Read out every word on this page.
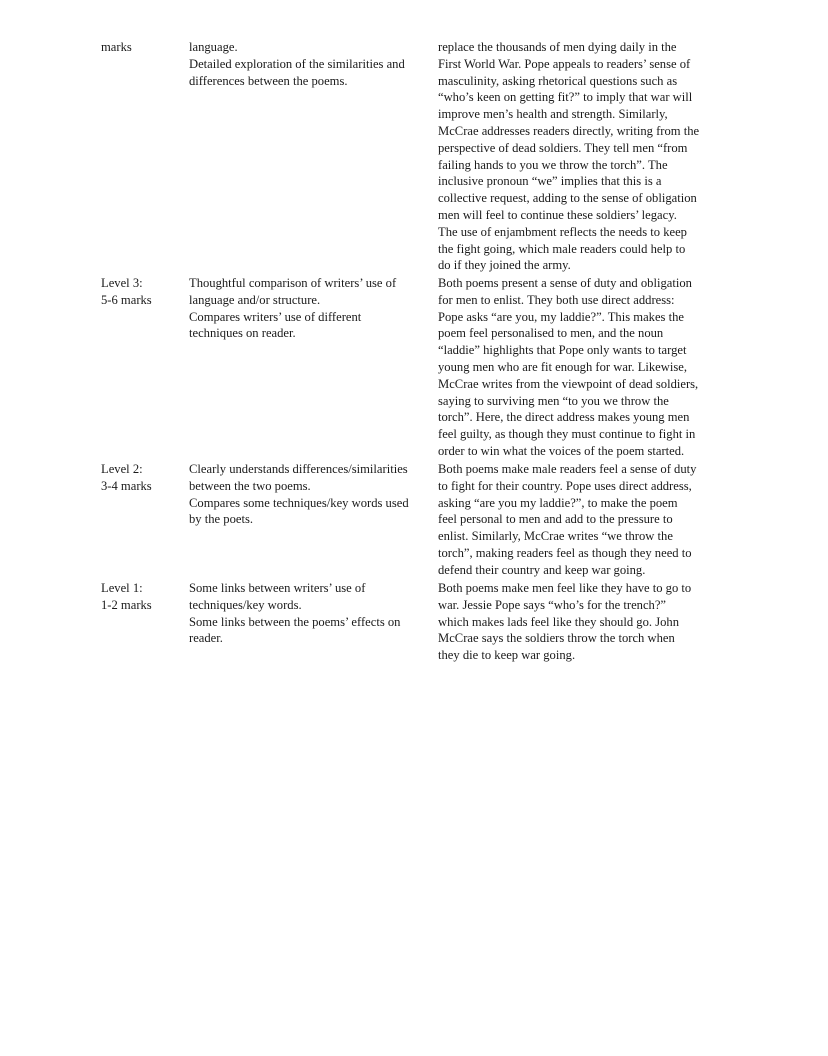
marks	language.
Detailed exploration of the similarities and
differences between the poems.
replace the thousands of men dying daily in the
First World War. Pope appeals to readers’ sense of
masculinity, asking rhetorical questions such as
“who’s keen on getting fit?” to imply that war will
improve men’s health and strength. Similarly,
McCrae addresses readers directly, writing from the
perspective of dead soldiers. They tell men “from
failing hands to you we throw the torch”. The
inclusive pronoun “we” implies that this is a
collective request, adding to the sense of obligation
men will feel to continue these soldiers’ legacy.
The use of enjambment reflects the needs to keep
the fight going, which male readers could help to
do if they joined the army.
Level 3:
5-6 marks
Thoughtful comparison of writers’ use of
language and/or structure.
Compares writers’ use of different
techniques on reader.
Both poems present a sense of duty and obligation
for men to enlist. They both use direct address:
Pope asks “are you, my laddie?”. This makes the
poem feel personalised to men, and the noun
“laddie” highlights that Pope only wants to target
young men who are fit enough for war. Likewise,
McCrae writes from the viewpoint of dead soldiers,
saying to surviving men “to you we throw the
torch”. Here, the direct address makes young men
feel guilty, as though they must continue to fight in
order to win what the voices of the poem started.
Level 2:
3-4 marks
Clearly understands differences/similarities
between the two poems.
Compares some techniques/key words used
by the poets.
Both poems make male readers feel a sense of duty
to fight for their country. Pope uses direct address,
asking “are you my laddie?”, to make the poem
feel personal to men and add to the pressure to
enlist. Similarly, McCrae writes “we throw the
torch”, making readers feel as though they need to
defend their country and keep war going.
Level 1:
1-2 marks
Some links between writers’ use of
techniques/key words.
Some links between the poems’ effects on
reader.
Both poems make men feel like they have to go to
war. Jessie Pope says “who’s for the trench?”
which makes lads feel like they should go. John
McCrae says the soldiers throw the torch when
they die to keep war going.
